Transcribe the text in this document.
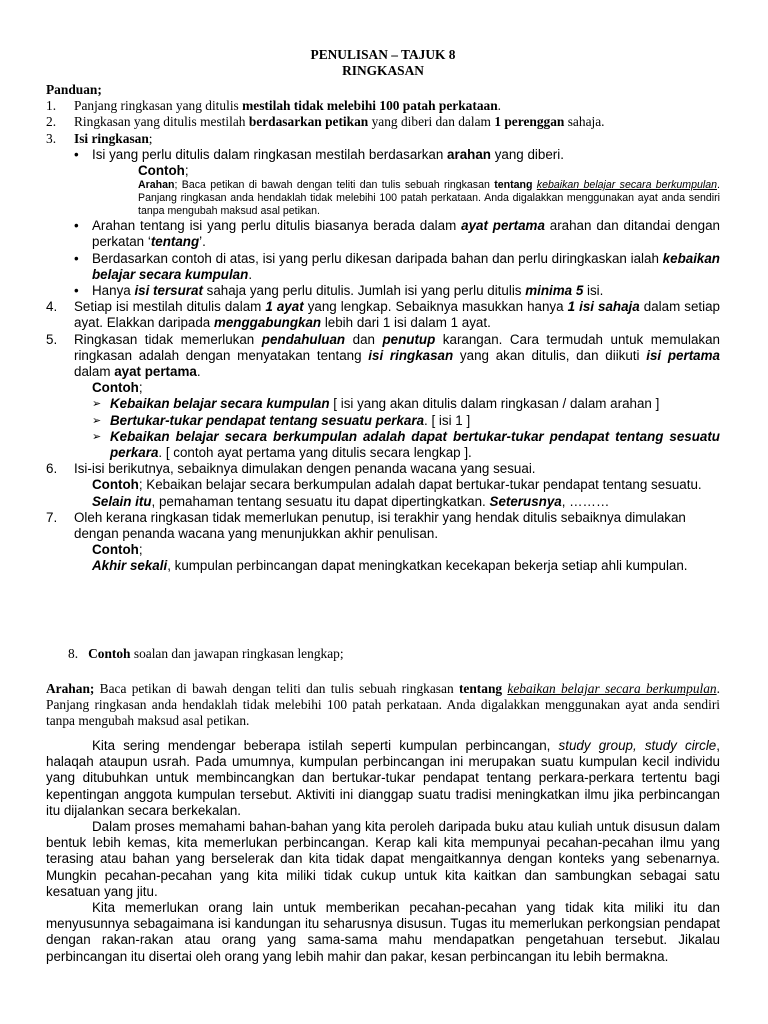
PENULISAN – TAJUK 8
RINGKASAN
Panduan;
1. Panjang ringkasan yang ditulis mestilah tidak melebihi 100 patah perkataan.
2. Ringkasan yang ditulis mestilah berdasarkan petikan yang diberi dan dalam 1 perenggan sahaja.
3. Isi ringkasan;
• Isi yang perlu ditulis dalam ringkasan mestilah berdasarkan arahan yang diberi.
Contoh;
Arahan; Baca petikan di bawah dengan teliti dan tulis sebuah ringkasan tentang kebaikan belajar secara berkumpulan. Panjang ringkasan anda hendaklah tidak melebihi 100 patah perkataan. Anda digalakkan menggunakan ayat anda sendiri tanpa mengubah maksud asal petikan.
• Arahan tentang isi yang perlu ditulis biasanya berada dalam ayat pertama arahan dan ditandai dengan perkatan ‘tentang’.
• Berdasarkan contoh di atas, isi yang perlu dikesan daripada bahan dan perlu diringkaskan ialah kebaikan belajar secara kumpulan.
• Hanya isi tersurat sahaja yang perlu ditulis. Jumlah isi yang perlu ditulis minima 5 isi.
4. Setiap isi mestilah ditulis dalam 1 ayat yang lengkap. Sebaiknya masukkan hanya 1 isi sahaja dalam setiap ayat. Elakkan daripada menggabungkan lebih dari 1 isi dalam 1 ayat.
5. Ringkasan tidak memerlukan pendahuluan dan penutup karangan. Cara termudah untuk memulakan ringkasan adalah dengan menyatakan tentang isi ringkasan yang akan ditulis, dan diikuti isi pertama dalam ayat pertama.
Contoh;
➢ Kebaikan belajar secara kumpulan [ isi yang akan ditulis dalam ringkasan / dalam arahan ]
➢ Bertukar-tukar pendapat tentang sesuatu perkara. [ isi 1 ]
➢ Kebaikan belajar secara berkumpulan adalah dapat bertukar-tukar pendapat tentang sesuatu perkara. [ contoh ayat pertama yang ditulis secara lengkap ].
6. Isi-isi berikutnya, sebaiknya dimulakan dengen penanda wacana yang sesuai.
Contoh; Kebaikan belajar secara berkumpulan adalah dapat bertukar-tukar pendapat tentang sesuatu.
Selain itu, pemahaman tentang sesuatu itu dapat dipertingkatkan. Seterusnya, ………
7. Oleh kerana ringkasan tidak memerlukan penutup, isi terakhir yang hendak ditulis sebaiknya dimulakan dengan penanda wacana yang menunjukkan akhir penulisan.
Contoh;
Akhir sekali, kumpulan perbincangan dapat meningkatkan kecekapan bekerja setiap ahli kumpulan.
8. Contoh soalan dan jawapan ringkasan lengkap;
Arahan; Baca petikan di bawah dengan teliti dan tulis sebuah ringkasan tentang kebaikan belajar secara berkumpulan. Panjang ringkasan anda hendaklah tidak melebihi 100 patah perkataan. Anda digalakkan menggunakan ayat anda sendiri tanpa mengubah maksud asal petikan.

Kita sering mendengar beberapa istilah seperti kumpulan perbincangan, study group, study circle, halaqah ataupun usrah. Pada umumnya, kumpulan perbincangan ini merupakan suatu kumpulan kecil individu yang ditubuhkan untuk membincangkan dan bertukar-tukar pendapat tentang perkara-perkara tertentu bagi kepentingan anggota kumpulan tersebut. Aktiviti ini dianggap suatu tradisi meningkatkan ilmu jika perbincangan itu dijalankan secara berkekalan.

Dalam proses memahami bahan-bahan yang kita peroleh daripada buku atau kuliah untuk disusun dalam bentuk lebih kemas, kita memerlukan perbincangan. Kerap kali kita mempunyai pecahan-pecahan ilmu yang terasing atau bahan yang berselerak dan kita tidak dapat mengaitkannya dengan konteks yang sebenarnya. Mungkin pecahan-pecahan yang kita miliki tidak cukup untuk kita kaitkan dan sambungkan sebagai satu kesatuan yang jitu.

Kita memerlukan orang lain untuk memberikan pecahan-pecahan yang tidak kita miliki itu dan menyusunnya sebagaimana isi kandungan itu seharusnya disusun. Tugas itu memerlukan perkongsian pendapat dengan rakan-rakan atau orang yang sama-sama mahu mendapatkan pengetahuan tersebut. Jikalau perbincangan itu disertai oleh orang yang lebih mahir dan pakar, kesan perbincangan itu lebih bermakna.
